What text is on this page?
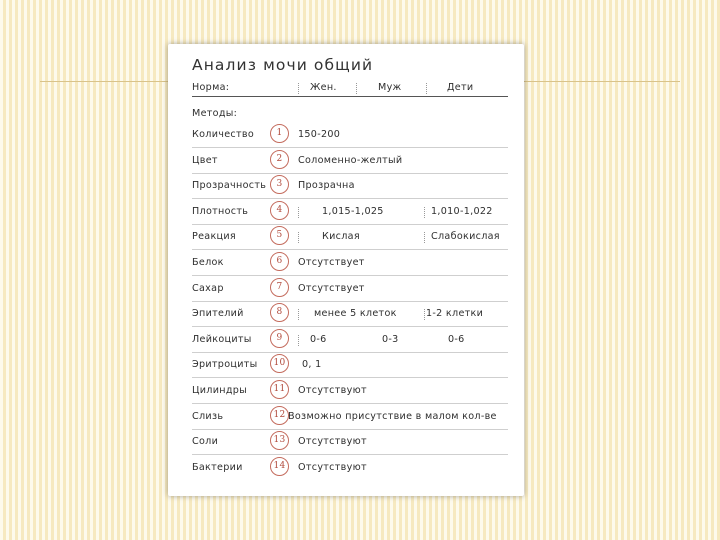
Анализ мочи общий
Норма:	Жен.	Муж	Дети
Методы:
Количество	1	150-200
Цвет	2	Соломенно-желтый
Прозрачность	3	Прозрачна
Плотность	4	1,015-1,025	1,010-1,022
Реакция	5	Кислая	Слабокислая
Белок	6	Отсутствует
Сахар	7	Отсутствует
Эпителий	8	менее 5 клеток	1-2 клетки
Лейкоциты	9	0-6	0-3	0-6
Эритроциты	10	0, 1
Цилиндры	11	Отсутствуют
Слизь	12 Возможно присутствие в малом кол-ве
Соли	13	Отсутствуют
Бактерии	14	Отсутствуют
